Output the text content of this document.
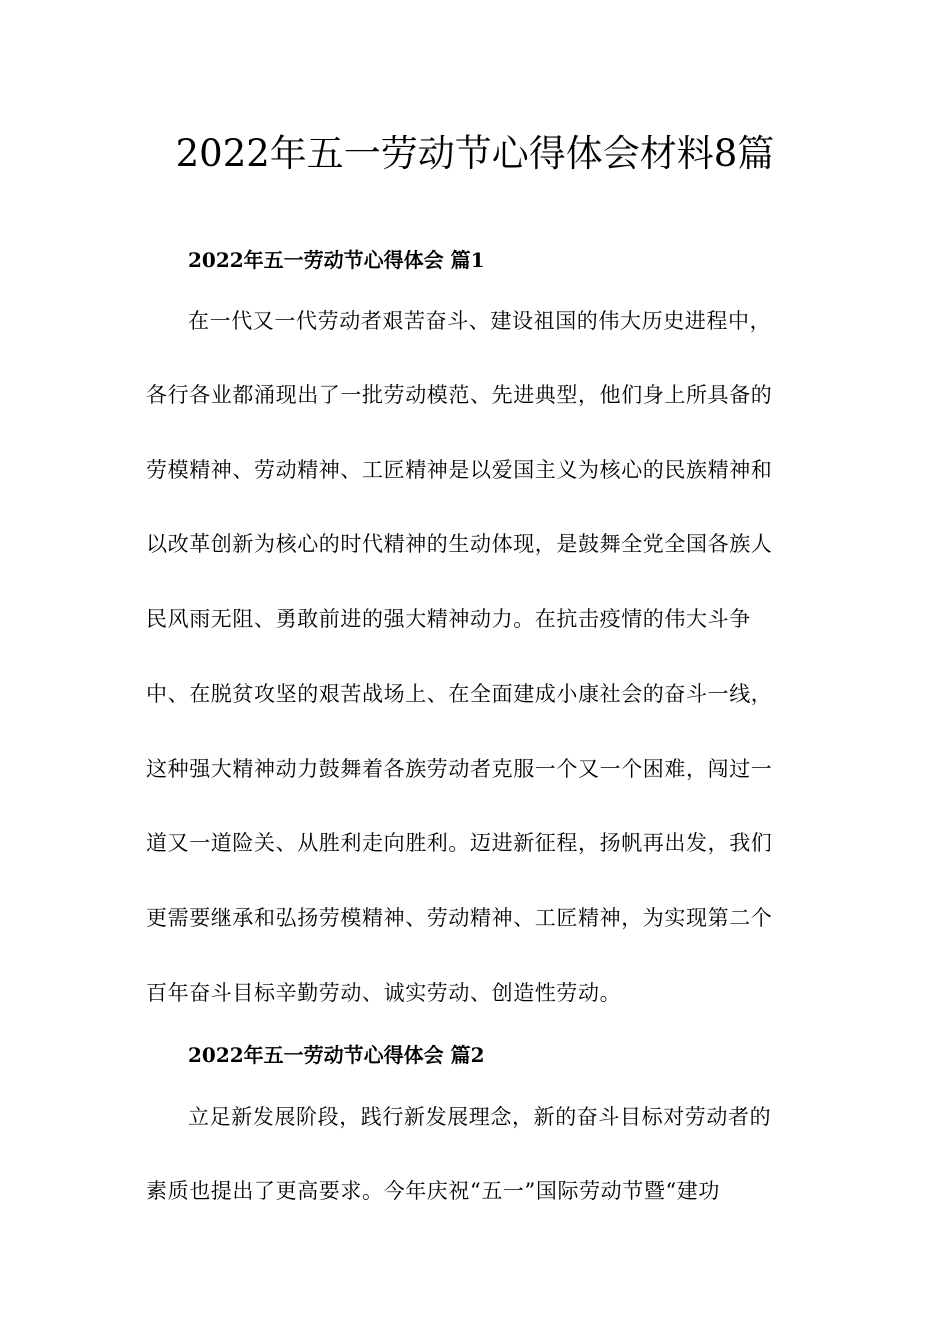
2022年五一劳动节心得体会材料8篇
2022年五一劳动节心得体会 篇1

在一代又一代劳动者艰苦奋斗、建设祖国的伟大历史进程中，

各行各业都涌现出了一批劳动模范、先进典型，他们身上所具备的

劳模精神、劳动精神、工匠精神是以爱国主义为核心的民族精神和

以改革创新为核心的时代精神的生动体现，是鼓舞全党全国各族人

民风雨无阻、勇敢前进的强大精神动力。在抗击疫情的伟大斗争

中、在脱贫攻坚的艰苦战场上、在全面建成小康社会的奋斗一线，

这种强大精神动力鼓舞着各族劳动者克服一个又一个困难，闯过一

道又一道险关、从胜利走向胜利。迈进新征程，扬帆再出发，我们

更需要继承和弘扬劳模精神、劳动精神、工匠精神，为实现第二个

百年奋斗目标辛勤劳动、诚实劳动、创造性劳动。

2022年五一劳动节心得体会 篇2

立足新发展阶段，践行新发展理念，新的奋斗目标对劳动者的

素质也提出了更高要求。今年庆祝“五一”国际劳动节暨“建功
